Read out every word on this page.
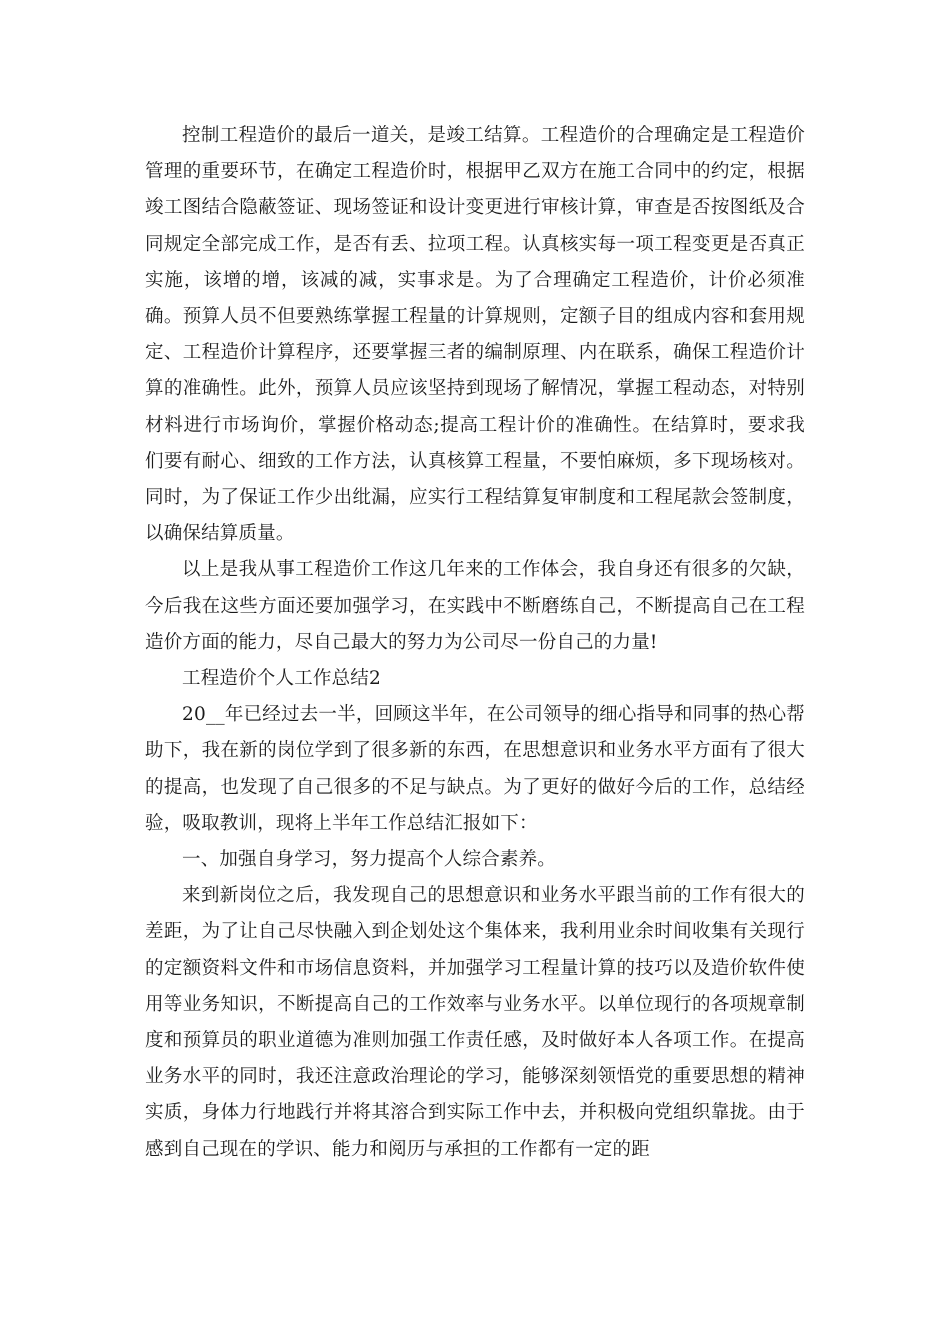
控制工程造价的最后一道关，是竣工结算。工程造价的合理确定是工程造价管理的重要环节，在确定工程造价时，根据甲乙双方在施工合同中的约定，根据竣工图结合隐蔽签证、现场签证和设计变更进行审核计算，审查是否按图纸及合同规定全部完成工作，是否有丢、拉项工程。认真核实每一项工程变更是否真正实施，该增的增，该减的减，实事求是。为了合理确定工程造价，计价必须准确。预算人员不但要熟练掌握工程量的计算规则，定额子目的组成内容和套用规定、工程造价计算程序，还要掌握三者的编制原理、内在联系，确保工程造价计算的准确性。此外，预算人员应该坚持到现场了解情况，掌握工程动态，对特别材料进行市场询价，掌握价格动态;提高工程计价的准确性。在结算时，要求我们要有耐心、细致的工作方法，认真核算工程量，不要怕麻烦，多下现场核对。同时，为了保证工作少出纰漏，应实行工程结算复审制度和工程尾款会签制度，以确保结算质量。

以上是我从事工程造价工作这几年来的工作体会，我自身还有很多的欠缺，今后我在这些方面还要加强学习，在实践中不断磨练自己，不断提高自己在工程造价方面的能力，尽自己最大的努力为公司尽一份自己的力量!

工程造价个人工作总结2

20__年已经过去一半，回顾这半年，在公司领导的细心指导和同事的热心帮助下，我在新的岗位学到了很多新的东西，在思想意识和业务水平方面有了很大的提高，也发现了自己很多的不足与缺点。为了更好的做好今后的工作，总结经验，吸取教训，现将上半年工作总结汇报如下：

一、加强自身学习，努力提高个人综合素养。

来到新岗位之后，我发现自己的思想意识和业务水平跟当前的工作有很大的差距，为了让自己尽快融入到企划处这个集体来，我利用业余时间收集有关现行的定额资料文件和市场信息资料，并加强学习工程量计算的技巧以及造价软件使用等业务知识，不断提高自己的工作效率与业务水平。以单位现行的各项规章制度和预算员的职业道德为准则加强工作责任感，及时做好本人各项工作。在提高业务水平的同时，我还注意政治理论的学习，能够深刻领悟党的重要思想的精神实质，身体力行地践行并将其溶合到实际工作中去，并积极向党组织靠拢。由于感到自己现在的学识、能力和阅历与承担的工作都有一定的距
